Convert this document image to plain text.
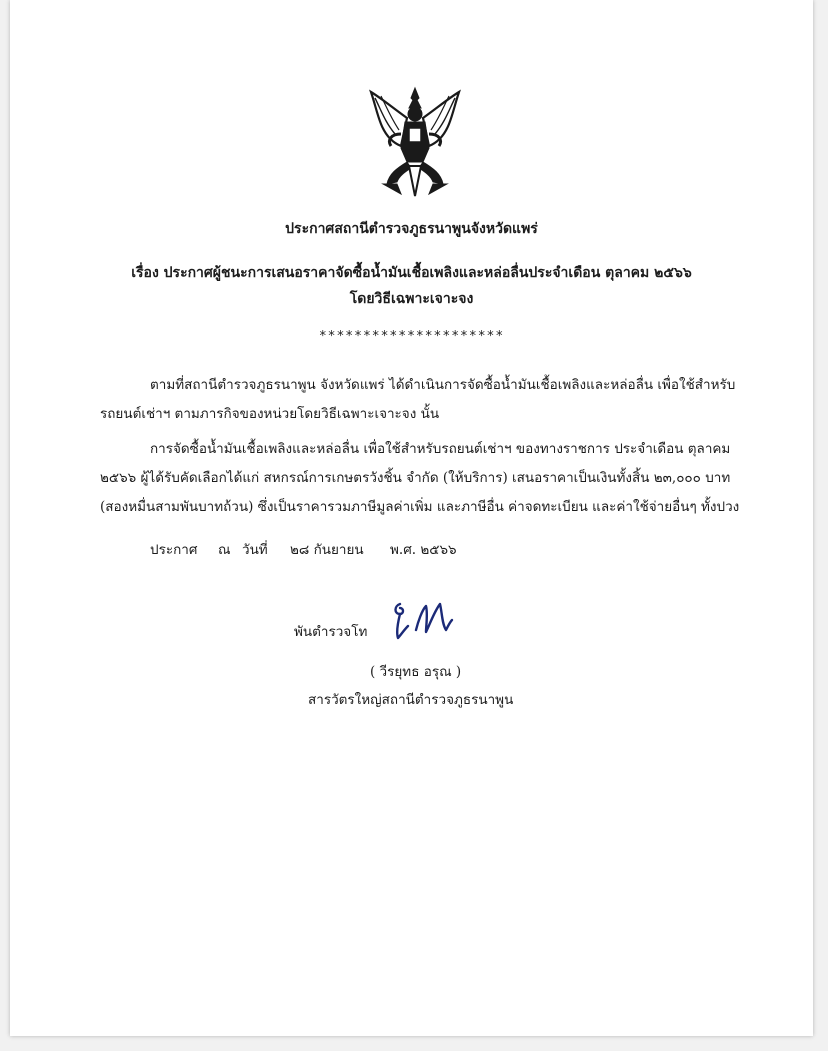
ประกาศสถานีตำรวจภูธรนาพูนจังหวัดแพร่
เรื่อง ประกาศผู้ชนะการเสนอราคาจัดซื้อน้ำมันเชื้อเพลิงและหล่อลื่นประจำเดือน ตุลาคม ๒๕๖๖
โดยวิธีเฉพาะเจาะจง
*********************
ตามที่สถานีตำรวจภูธรนาพูน จังหวัดแพร่ ได้ดำเนินการจัดซื้อน้ำมันเชื้อเพลิงและหล่อลื่น เพื่อใช้สำหรับ
รถยนต์เช่าฯ ตามภารกิจของหน่วยโดยวิธีเฉพาะเจาะจง นั้น
การจัดซื้อน้ำมันเชื้อเพลิงและหล่อลื่น เพื่อใช้สำหรับรถยนต์เช่าฯ ของทางราชการ ประจำเดือน ตุลาคม
๒๕๖๖ ผู้ได้รับคัดเลือกได้แก่ สหกรณ์การเกษตรวังชิ้น จำกัด (ให้บริการ) เสนอราคาเป็นเงินทั้งสิ้น ๒๓,๐๐๐ บาท
(สองหมื่นสามพันบาทถ้วน) ซึ่งเป็นราคารวมภาษีมูลค่าเพิ่ม และภาษีอื่น ค่าจดทะเบียน และค่าใช้จ่ายอื่นๆ ทั้งปวง
ประกาศ ณ วันที่ ๒๘ กันยายน พ.ศ. ๒๕๖๖
พันตำรวจโท
( วีรยุทธ อรุณ )
สารวัตรใหญ่สถานีตำรวจภูธรนาพูน
